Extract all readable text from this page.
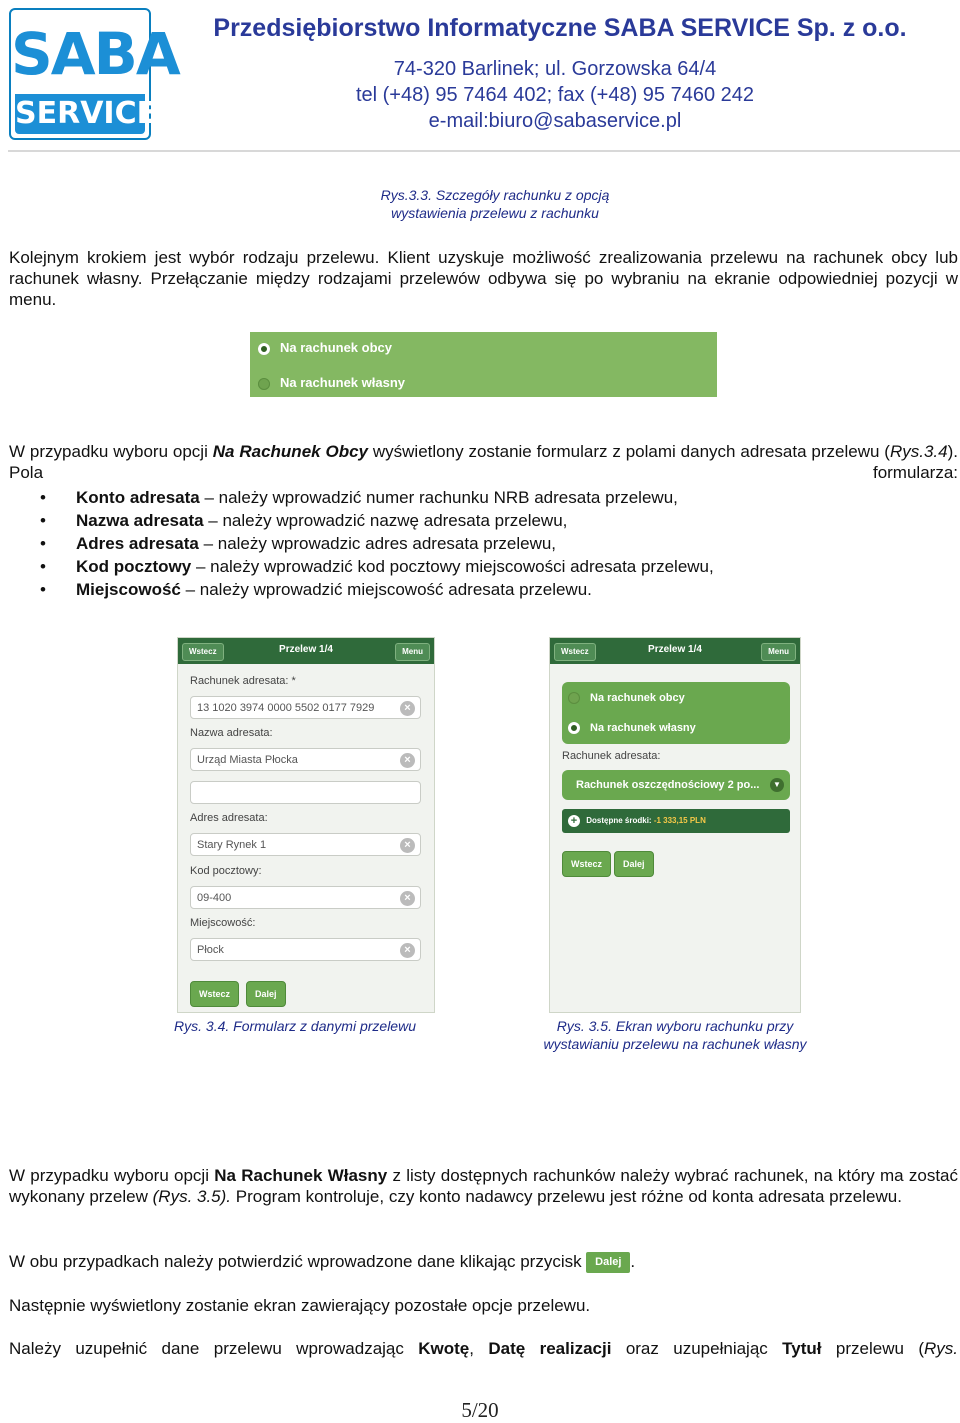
SABA
SERVICE
Przedsiębiorstwo Informatyczne SABA SERVICE Sp. z o.o.
74-320 Barlinek; ul. Gorzowska 64/4
tel (+48) 95 7464 402; fax (+48) 95 7460 242
e-mail:biuro@sabaservice.pl
Rys.3.3. Szczegóły rachunku z opcją
wystawienia przelewu z rachunku
Kolejnym krokiem jest wybór rodzaju przelewu. Klient uzyskuje możliwość zrealizowania przelewu na rachunek obcy lub rachunek własny. Przełączanie między rodzajami przelewów odbywa się po wybraniu na ekranie odpowiedniej pozycji w menu.
Na rachunek obcy
Na rachunek własny
W przypadku wyboru opcji Na Rachunek Obcy wyświetlony zostanie formularz z polami danych adresata przelewu (Rys.3.4). Pola formularza:
• Konto adresata – należy wprowadzić numer rachunku NRB adresata przelewu,
• Nazwa adresata – należy wprowadzić nazwę adresata przelewu,
• Adres adresata – należy wprowadzic adres adresata przelewu,
• Kod pocztowy – należy wprowadzić kod pocztowy miejscowości adresata przelewu,
• Miejscowość – należy wprowadzić miejscowość adresata przelewu.
Wstecz	Przelew 1/4	Menu
Rachunek adresata: *
13 1020 3974 0000 5502 0177 7929	×
Nazwa adresata:
Urząd Miasta Płocka	×
Adres adresata:
Stary Rynek 1	×
Kod pocztowy:
09-400	×
Miejscowość:
Płock	×
Wstecz	Dalej
Wstecz	Przelew 1/4	Menu
Na rachunek obcy
Na rachunek własny
Rachunek adresata:
Rachunek oszczędnościowy 2 po...	▼
+ Dostępne środki: -1 333,15 PLN
Wstecz	Dalej
Rys. 3.4. Formularz z danymi przelewu	Rys. 3.5. Ekran wyboru rachunku przy
wystawianiu przelewu na rachunek własny
W przypadku wyboru opcji Na Rachunek Własny z listy dostępnych rachunków należy wybrać rachunek, na który ma zostać wykonany przelew (Rys. 3.5). Program kontroluje, czy konto nadawcy przelewu jest różne od konta adresata przelewu.
W obu przypadkach należy potwierdzić wprowadzone dane klikając przycisk Dalej .
Następnie wyświetlony zostanie ekran zawierający pozostałe opcje przelewu.
Należy uzupełnić dane przelewu wprowadzając Kwotę, Datę realizacji oraz uzupełniając Tytuł przelewu (Rys.
5/20
